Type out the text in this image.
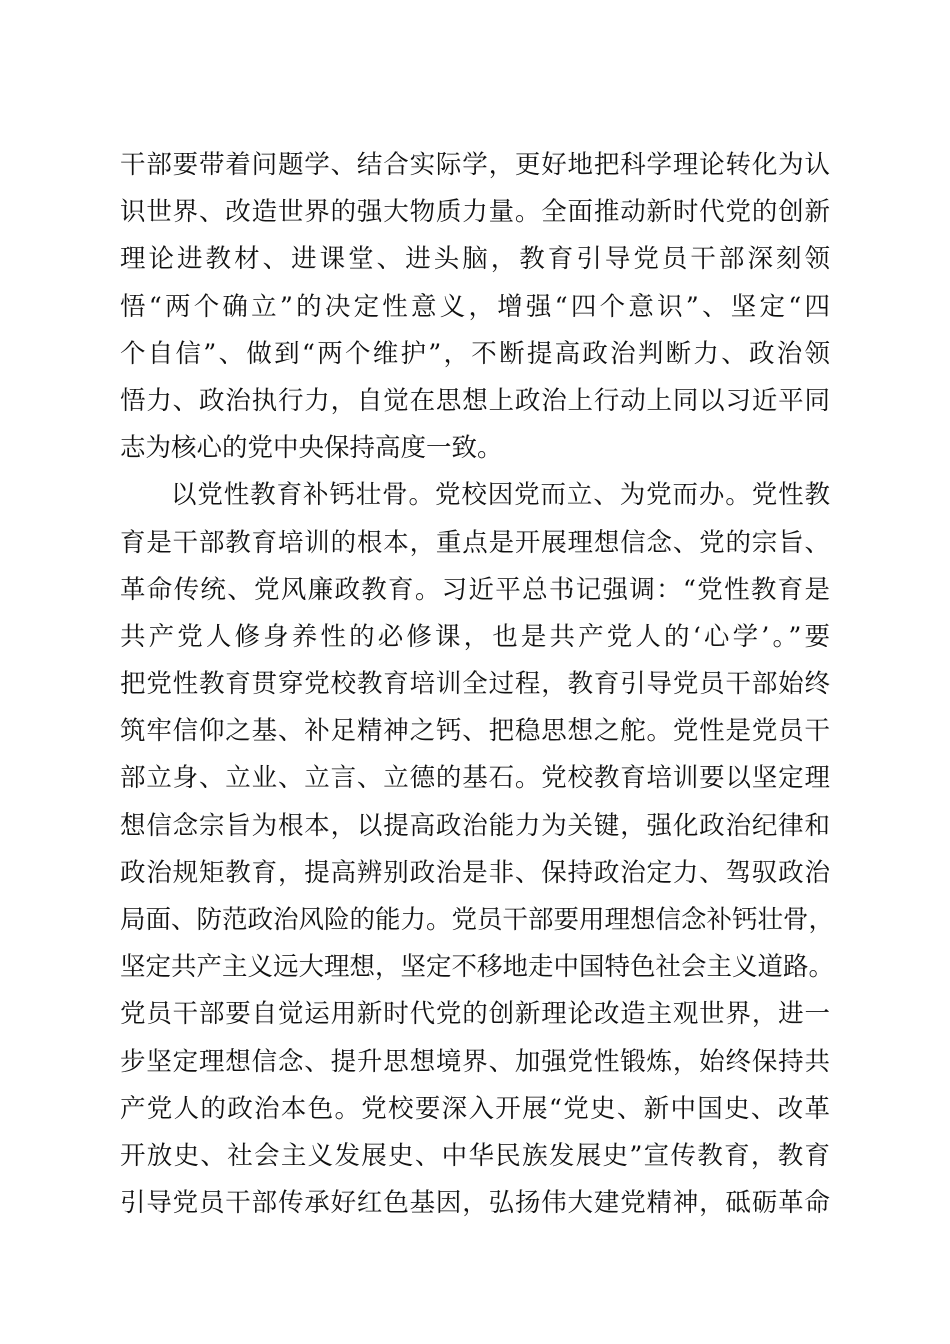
干部要带着问题学、结合实际学，更好地把科学理论转化为认
识世界、改造世界的强大物质力量。全面推动新时代党的创新
理论进教材、进课堂、进头脑，教育引导党员干部深刻领
悟“两个确立”的决定性意义，增强“四个意识”、坚定“四
个自信”、做到“两个维护”，不断提高政治判断力、政治领
悟力、政治执行力，自觉在思想上政治上行动上同以习近平同
志为核心的党中央保持高度一致。
以党性教育补钙壮骨。党校因党而立、为党而办。党性教
育是干部教育培训的根本，重点是开展理想信念、党的宗旨、
革命传统、党风廉政教育。习近平总书记强调：“党性教育是
共产党人修身养性的必修课，也是共产党人的‘心学’。”要
把党性教育贯穿党校教育培训全过程，教育引导党员干部始终
筑牢信仰之基、补足精神之钙、把稳思想之舵。党性是党员干
部立身、立业、立言、立德的基石。党校教育培训要以坚定理
想信念宗旨为根本，以提高政治能力为关键，强化政治纪律和
政治规矩教育，提高辨别政治是非、保持政治定力、驾驭政治
局面、防范政治风险的能力。党员干部要用理想信念补钙壮骨，
坚定共产主义远大理想，坚定不移地走中国特色社会主义道路。
党员干部要自觉运用新时代党的创新理论改造主观世界，进一
步坚定理想信念、提升思想境界、加强党性锻炼，始终保持共
产党人的政治本色。党校要深入开展“党史、新中国史、改革
开放史、社会主义发展史、中华民族发展史”宣传教育，教育
引导党员干部传承好红色基因，弘扬伟大建党精神，砥砺革命
